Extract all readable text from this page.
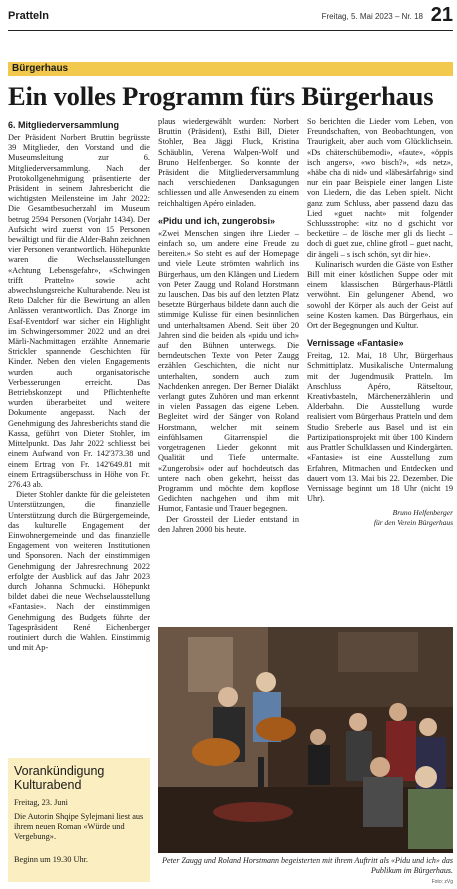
Pratteln	Freitag, 5. Mai 2023 – Nr. 18 21
Bürgerhaus
Ein volles Programm fürs Bürgerhaus
6. Mitgliederversammlung

Der Präsident Norbert Bruttin begrüsste 39 Mitglieder, den Vorstand und die Museumsleitung zur 6. Mitgliederversammlung. Nach der Protokollgenehmigung präsentierte der Präsident in seinem Jahresbericht die wichtigsten Meilensteine im Jahr 2022: Die Gesamtbesucherzahl im Museum betrug 2594 Personen (Vorjahr 1434). Der Aufsicht wird zuerst von 15 Personen bewältigt und für die Alder-Bahn zeichnen vier Personen verantwortlich. Höhepunkte waren die Wechselausstellungen «Achtung Lebensgefahr», «Schwingen trifft Pratteln» sowie acht abwechslungsreiche Kulturabende. Neu ist Reto Dalcher für die Bewirtung an allen Anlässen verantwortlich. Das Znorge im Esaf-Eventdorf war sicher ein Highlight im Schwingersommer 2022 und an drei Märli-Nachmittagen erzählte Annemarie Strickler spannende Geschichten für Kinder. Neben den vielen Engagements wurden auch organisatorische Verbesserungen erreicht. Das Betriebskonzept und Pflichtenhefte wurden überarbeitet und weitere Dokumente angepasst. Nach der Genehmigung des Jahresberichts stand die Kassa, geführt von Dieter Stohler, im Mittelpunkt. Das Jahr 2022 schliesst bei einem Aufwand von Fr. 142'373.38 und einem Ertrag von Fr. 142'649.81 mit einem Ertragsüberschuss in Höhe von Fr. 276.43 ab.

Dieter Stohler dankte für die geleisteten Unterstützungen, die finanzielle Unterstützung durch die Bürgergemeinde, das kulturelle Engagement der Einwohnergemeinde und das finanzielle Engagement von weiteren Institutionen und Sponsoren. Nach der einstimmigen Genehmigung der Jahresrechnung 2022 erfolgte der Ausblick auf das Jahr 2023 durch Johanna Schmucki. Höhepunkt bildet dabei die neue Wechselausstellung «Fantasie». Nach der einstimmigen Genehmigung des Budgets führte der Tagespräsident René Eichenberger routiniert durch die Wahlen. Einstimmig und mit Ap-

plaus wiedergewählt wurden: Norbert Bruttin (Präsident), Esthi Bill, Dieter Stohler, Bea Jäggi Fluck, Kristina Schäublin, Verena Walpen-Wolf und Bruno Helfenberger. So konnte der Präsident die Mitgliederversammlung nach verschiedenen Danksagungen schliessen und alle Anwesenden zu einem reichhaltigen Apéro einladen.

«Pidu und ich, zungerobsi»

«Zwei Menschen singen ihre Lieder – einfach so, um andere eine Freude zu bereiten.» So steht es auf der Homepage und viele Leute strömten wahrlich ins Bürgerhaus, um den Klängen und Liedern von Peter Zaugg und Roland Horstmann zu lauschen. Das bis auf den letzten Platz besetzte Bürgerhaus bildete dann auch die stimmige Kulisse für einen besinnlichen und unterhaltsamen Abend. Seit über 20 Jahren sind die beiden als «pidu und ich» auf den Bühnen unterwegs. Die berndeutschen Texte von Peter Zaugg erzählen Geschichten, die nicht nur unterhalten, sondern auch zum Nachdenken anregen. Der Berner Dialäkt verlangt gutes Zuhören und man erkennt in vielen Passagen das eigene Leben. Begleitet wird der Sänger von Roland Horstmann, welcher mit seinem einfühlsamen Gitarrenspiel die vorgetragenen Lieder gekonnt mit Qualität und Tiefe untermalte. «Zungerobsi» oder auf hochdeutsch das untere nach oben gekehrt, heisst das Programm und möchte dem kopflose Gedichten nachgehen und ihm mit Humor, Fantasie und Trauer begegnen.

Der Grossteil der Lieder entstand in den Jahren 2000 bis heute.

So berichten die Lieder vom Leben, von Freundschaften, von Beobachtungen, von Traurigkeit, aber auch vom Glücklichsein. «Ds chäterschübemodi», «faute», «öppis isch angers», «wo bisch?», «ds netz», «häbe cha di nid» und «läbesärfahrig» sind nur ein paar Beispiele einer langen Liste von Liedern, die das Leben spielt. Nicht ganz zum Schluss, aber passend dazu das Lied «guet nacht» mit folgender Schlussstrophe: «itz no d gschicht vor becketüre – de lösche mer gli ds liecht – doch di guet zue, chline gfrotl – guet nacht, dir ängeli – s isch schön, syt dir hie».

Kulinarisch wurden die Gäste von Esther Bill mit einer köstlichen Suppe oder mit einem klassischen Bürgerhaus-Plättli verwöhnt. Ein gelungener Abend, wo sowohl der Körper als auch der Geist auf seine Kosten kamen. Das Bürgerhaus, ein Ort der Begegnungen und Kultur.

Vernissage «Fantasie»

Freitag, 12. Mai, 18 Uhr, Bürgerhaus Schmittiplatz. Musikalische Untermalung mit der Jugendmusik Pratteln. Im Anschluss Apéro, Rätseltour, Kreativbasteln, Märchenerzählerin und Alderbahn. Die Ausstellung wurde realisiert vom Bürgerhaus Pratteln und dem Studio Sreberle aus Basel und ist ein Partizipationsprojekt mit über 100 Kindern aus Prattler Schulklassen und Kindergärten. «Fantasie» ist eine Ausstellung zum Erfahren, Mitmachen und Entdecken und dauert vom 13. Mai bis 22. Dezember. Die Vernissage beginnt um 18 Uhr (nicht 19 Uhr).

Bruno Helfenberger
für den Verein Bürgerhaus
Vorankündigung Kulturabend
Freitag, 23. Juni
Die Autorin Shqipe Sylejmani liest aus ihrem neuen Roman «Würde und Vergebung».
Beginn um 19.30 Uhr.	Peter Zaugg und Roland Horstmann begeisterten mit ihrem Auftritt als «Pidu und ich» das Publikum im Bürgerhaus.
Foto: zVg
